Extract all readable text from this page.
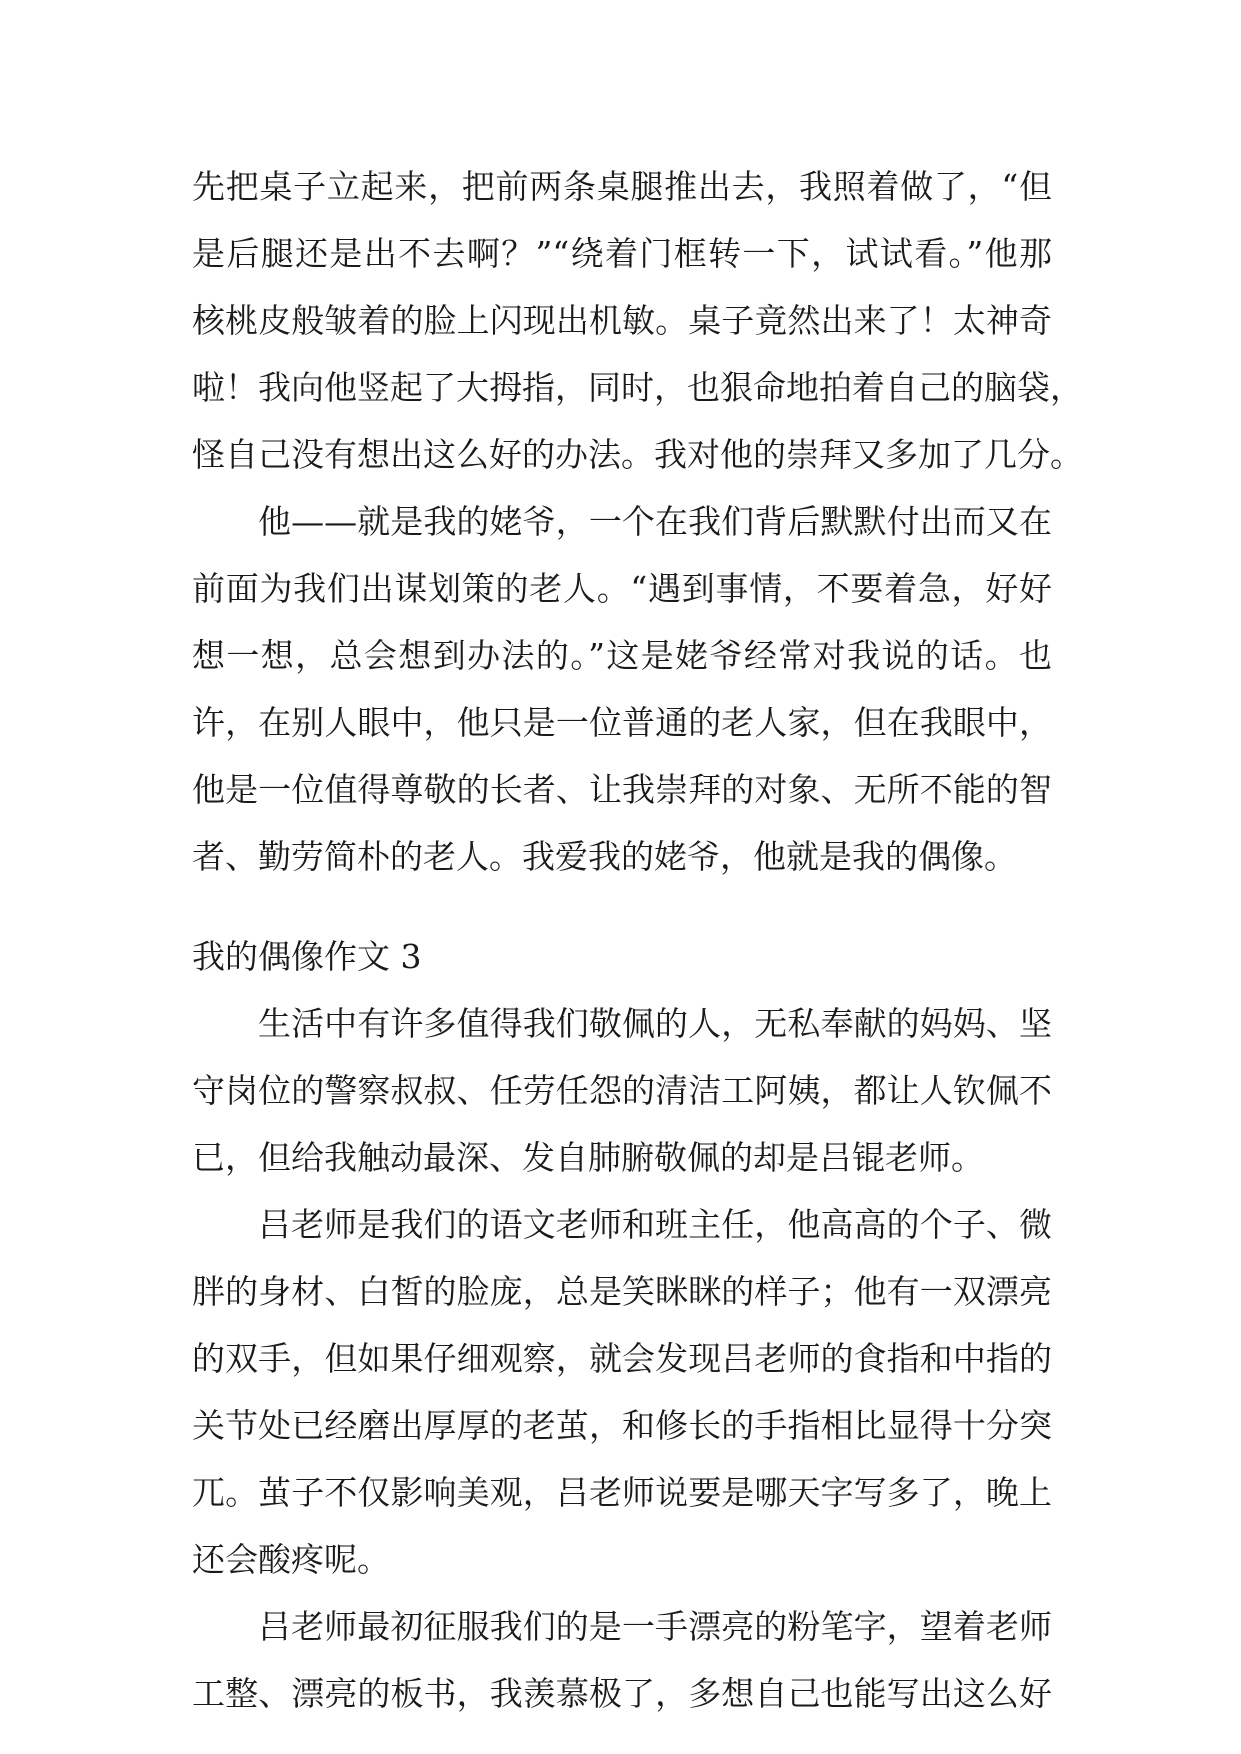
先把桌子立起来，把前两条桌腿推出去，我照着做了，“但
是后腿还是出不去啊？”“绕着门框转一下，试试看。”他那
核桃皮般皱着的脸上闪现出机敏。桌子竟然出来了！太神奇
啦！我向他竖起了大拇指，同时，也狠命地拍着自己的脑袋，
怪自己没有想出这么好的办法。我对他的崇拜又多加了几分。
他——就是我的姥爷，一个在我们背后默默付出而又在
前面为我们出谋划策的老人。“遇到事情，不要着急，好好
想一想，总会想到办法的。”这是姥爷经常对我说的话。也
许，在别人眼中，他只是一位普通的老人家，但在我眼中，
他是一位值得尊敬的长者、让我崇拜的对象、无所不能的智
者、勤劳简朴的老人。我爱我的姥爷，他就是我的偶像。
我的偶像作文 3
生活中有许多值得我们敬佩的人，无私奉献的妈妈、坚
守岗位的警察叔叔、任劳任怨的清洁工阿姨，都让人钦佩不
已，但给我触动最深、发自肺腑敬佩的却是吕锟老师。
吕老师是我们的语文老师和班主任，他高高的个子、微
胖的身材、白皙的脸庞，总是笑眯眯的样子；他有一双漂亮
的双手，但如果仔细观察，就会发现吕老师的食指和中指的
关节处已经磨出厚厚的老茧，和修长的手指相比显得十分突
兀。茧子不仅影响美观，吕老师说要是哪天字写多了，晚上
还会酸疼呢。
吕老师最初征服我们的是一手漂亮的粉笔字，望着老师
工整、漂亮的板书，我羡慕极了，多想自己也能写出这么好
